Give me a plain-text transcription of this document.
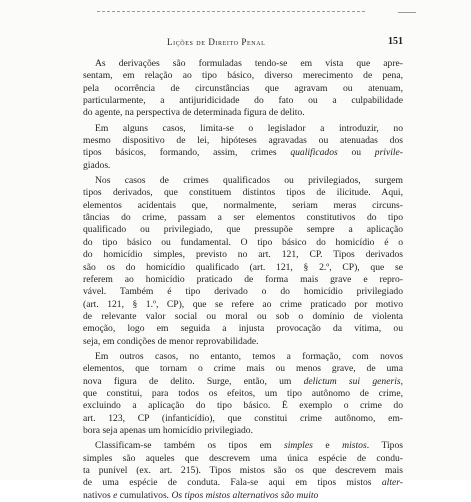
Lições de Direito Penal	151
As derivações são formuladas tendo-se em vista que apre-
sentam, em relação ao tipo básico, diverso merecimento de pena,
pela ocorrência de circunstâncias que agravam ou atenuam,
particularmente, a antijuridicidade do fato ou a culpabilidade
do agente, na perspectiva de determinada figura de delito.
Em alguns casos, limita-se o legislador a introduzir, no
mesmo dispositivo de lei, hipóteses agravadas ou atenuadas dos
tipos básicos, formando, assim, crimes qualificados ou privile-
giados.
Nos casos de crimes qualificados ou privilegiados, surgem
tipos derivados, que constituem distintos tipos de ilicitude. Aqui,
elementos acidentais que, normalmente, seriam meras circuns-
tâncias do crime, passam a ser elementos constitutivos do tipo
qualificado ou privilegiado, que pressupõe sempre a aplicação
do tipo básico ou fundamental. O tipo básico do homicídio é o
do homicídio simples, previsto no art. 121, CP. Tipos derivados
são os do homicídio qualificado (art. 121, § 2.º, CP), que se
referem ao homicídio praticado de forma mais grave e repro-
vável. Também é tipo derivado o do homicídio privilegiado
(art. 121, § 1.º, CP), que se refere ao crime praticado por motivo
de relevante valor social ou moral ou sob o domínio de violenta
emoção, logo em seguida a injusta provocação da vítima, ou
seja, em condições de menor reprovabilidade.
Em outros casos, no entanto, temos a formação, com novos
elementos, que tornam o crime mais ou menos grave, de uma
nova figura de delito. Surge, então, um delictum sui generis,
que constitui, para todos os efeitos, um tipo autônomo de crime,
excluindo a aplicação do tipo básico. É exemplo o crime do
art. 123, CP (infanticídio), que constitui crime autônomo, em-
bora seja apenas um homicídio privilegiado.
Classificam-se também os tipos em simples e mistos. Tipos
simples são aqueles que descrevem uma única espécie de condu-
ta punível (ex. art. 215). Tipos mistos são os que descrevem mais
de uma espécie de conduta. Fala-se aqui em tipos mistos alter-
nativos e cumulativos. Os tipos mistos alternativos são muito
